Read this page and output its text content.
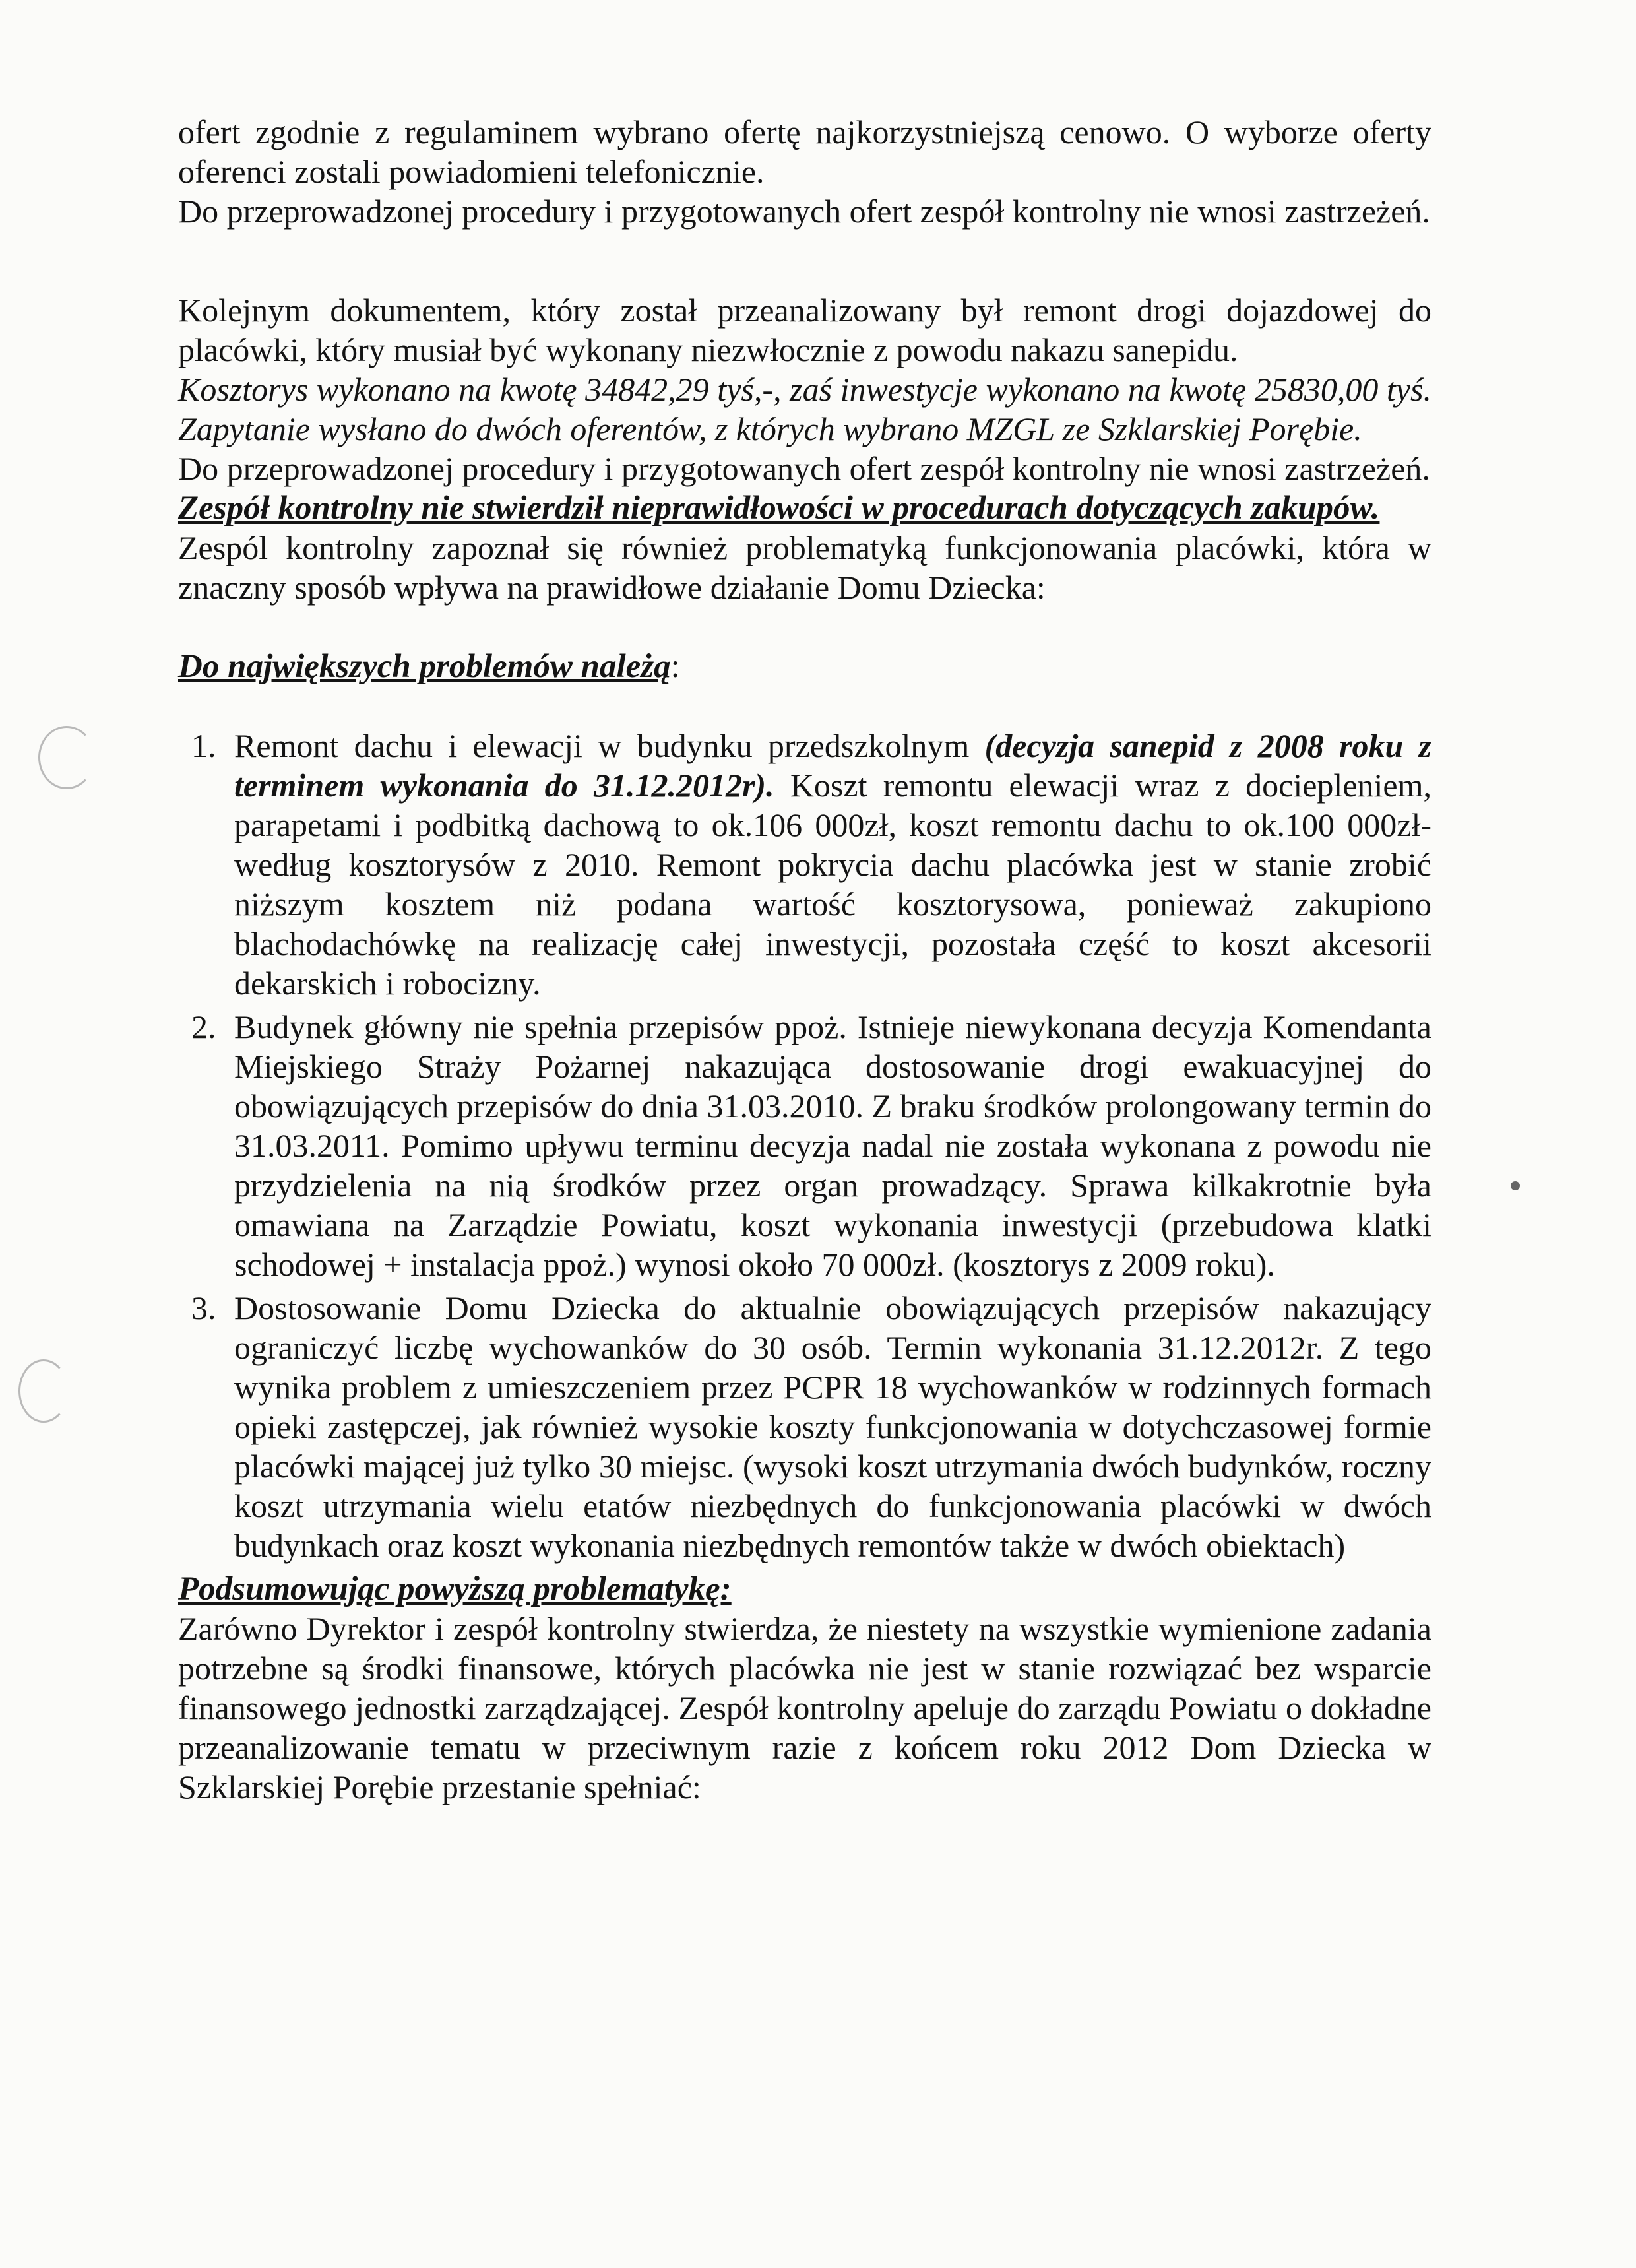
ofert zgodnie z regulaminem wybrano ofertę najkorzystniejszą cenowo. O wyborze oferty oferenci zostali powiadomieni telefonicznie.

Do przeprowadzonej procedury i przygotowanych ofert zespół kontrolny nie wnosi zastrzeżeń.

Kolejnym dokumentem, który został przeanalizowany był remont drogi dojazdowej do placówki, który musiał być wykonany niezwłocznie z powodu nakazu sanepidu.

Kosztorys wykonano na kwotę 34842,29 tyś,-, zaś inwestycje wykonano na kwotę 25830,00 tyś. Zapytanie wysłano do dwóch oferentów, z których wybrano MZGL ze Szklarskiej Porębie.

Do przeprowadzonej procedury i przygotowanych ofert zespół kontrolny nie wnosi zastrzeżeń.

Zespół kontrolny nie stwierdził nieprawidłowości w procedurach dotyczących zakupów.

Zespól kontrolny zapoznał się również problematyką funkcjonowania placówki, która w znaczny sposób wpływa na prawidłowe działanie Domu Dziecka:

Do największych problemów należą:

1. Remont dachu i elewacji w budynku przedszkolnym (decyzja sanepid z 2008 roku z terminem wykonania do 31.12.2012r). Koszt remontu elewacji wraz z dociepleniem, parapetami i podbitką dachową to ok.106 000zł, koszt remontu dachu to ok.100 000zł- według kosztorysów z 2010. Remont pokrycia dachu placówka jest w stanie zrobić niższym kosztem niż podana wartość kosztorysowa, ponieważ zakupiono blachodachówkę na realizację całej inwestycji, pozostała część to koszt akcesorii dekarskich i robocizny.
2. Budynek główny nie spełnia przepisów ppoż. Istnieje niewykonana decyzja Komendanta Miejskiego Straży Pożarnej nakazująca dostosowanie drogi ewakuacyjnej do obowiązujących przepisów do dnia 31.03.2010. Z braku środków prolongowany termin do 31.03.2011. Pomimo upływu terminu decyzja nadal nie została wykonana z powodu nie przydzielenia na nią środków przez organ prowadzący. Sprawa kilkakrotnie była omawiana na Zarządzie Powiatu, koszt wykonania inwestycji (przebudowa klatki schodowej + instalacja ppoż.) wynosi około 70 000zł. (kosztorys z 2009 roku).
3. Dostosowanie Domu Dziecka do aktualnie obowiązujących przepisów nakazujący ograniczyć liczbę wychowanków do 30 osób. Termin wykonania 31.12.2012r. Z tego wynika problem z umieszczeniem przez PCPR 18 wychowanków w rodzinnych formach opieki zastępczej, jak również wysokie koszty funkcjonowania w dotychczasowej formie placówki mającej już tylko 30 miejsc. (wysoki koszt utrzymania dwóch budynków, roczny koszt utrzymania wielu etatów niezbędnych do funkcjonowania placówki w dwóch budynkach oraz koszt wykonania niezbędnych remontów także w dwóch obiektach)

Podsumowując powyższą problematykę:

Zarówno Dyrektor i zespół kontrolny stwierdza, że niestety na wszystkie wymienione zadania potrzebne są środki finansowe, których placówka nie jest w stanie rozwiązać bez wsparcie finansowego jednostki zarządzającej. Zespół kontrolny apeluje do zarządu Powiatu o dokładne przeanalizowanie tematu w przeciwnym razie z końcem roku 2012 Dom Dziecka w Szklarskiej Porębie przestanie spełniać:
